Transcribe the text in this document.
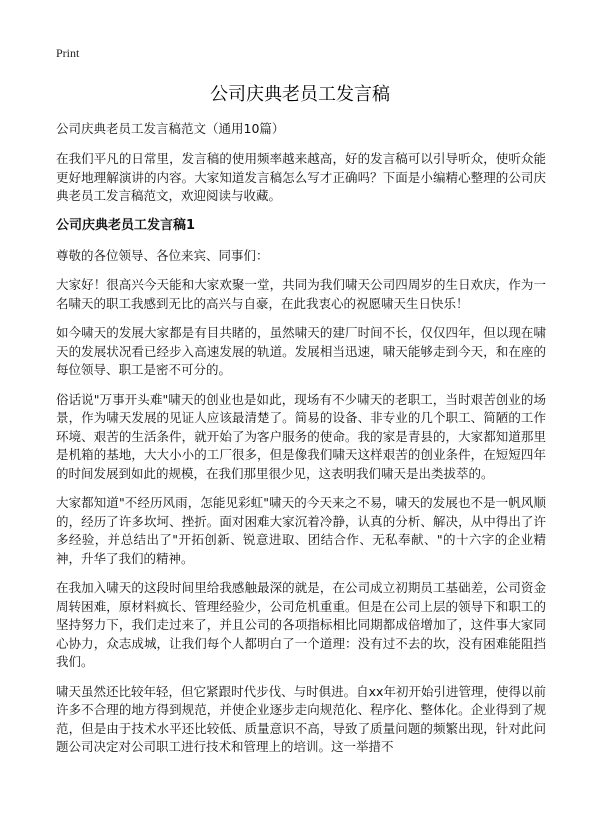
Print
公司庆典老员工发言稿

公司庆典老员工发言稿范文（通用10篇）

在我们平凡的日常里，发言稿的使用频率越来越高，好的发言稿可以引导听众，使听众能更好地理解演讲的内容。大家知道发言稿怎么写才正确吗？下面是小编精心整理的公司庆典老员工发言稿范文，欢迎阅读与收藏。

公司庆典老员工发言稿1

尊敬的各位领导、各位来宾、同事们：

大家好！很高兴今天能和大家欢聚一堂，共同为我们啸天公司四周岁的生日欢庆，作为一名啸天的职工我感到无比的高兴与自豪，在此我衷心的祝愿啸天生日快乐！

如今啸天的发展大家都是有目共睹的，虽然啸天的建厂时间不长，仅仅四年，但以现在啸天的发展状况看已经步入高速发展的轨道。发展相当迅速，啸天能够走到今天，和在座的每位领导、职工是密不可分的。

俗话说"万事开头难"啸天的创业也是如此，现场有不少啸天的老职工，当时艰苦创业的场景，作为啸天发展的见证人应该最清楚了。简易的设备、非专业的几个职工、简陋的工作环境、艰苦的生活条件，就开始了为客户服务的使命。我的家是青县的，大家都知道那里是机箱的基地，大大小小的工厂很多，但是像我们啸天这样艰苦的创业条件，在短短四年的时间发展到如此的规模，在我们那里很少见，这表明我们啸天是出类拔萃的。

大家都知道"不经历风雨，怎能见彩虹"啸天的今天来之不易，啸天的发展也不是一帆风顺的，经历了许多坎坷、挫折。面对困难大家沉着冷静，认真的分析、解决，从中得出了许多经验，并总结出了"开拓创新、锐意进取、团结合作、无私奉献、"的十六字的企业精神，升华了我们的精神。

在我加入啸天的这段时间里给我感触最深的就是，在公司成立初期员工基础差，公司资金周转困难，原材料疯长、管理经验少，公司危机重重。但是在公司上层的领导下和职工的坚持努力下，我们走过来了，并且公司的各项指标相比同期都成倍增加了，这件事大家同心协力，众志成城，让我们每个人都明白了一个道理：没有过不去的坎，没有困难能阻挡我们。

啸天虽然还比较年轻，但它紧跟时代步伐、与时俱进。自xx年初开始引进管理，使得以前许多不合理的地方得到规范，并使企业逐步走向规范化、程序化、整体化。企业得到了规范，但是由于技术水平还比较低、质量意识不高，导致了质量问题的频繁出现，针对此问题公司决定对公司职工进行技术和管理上的培训。这一举措不
